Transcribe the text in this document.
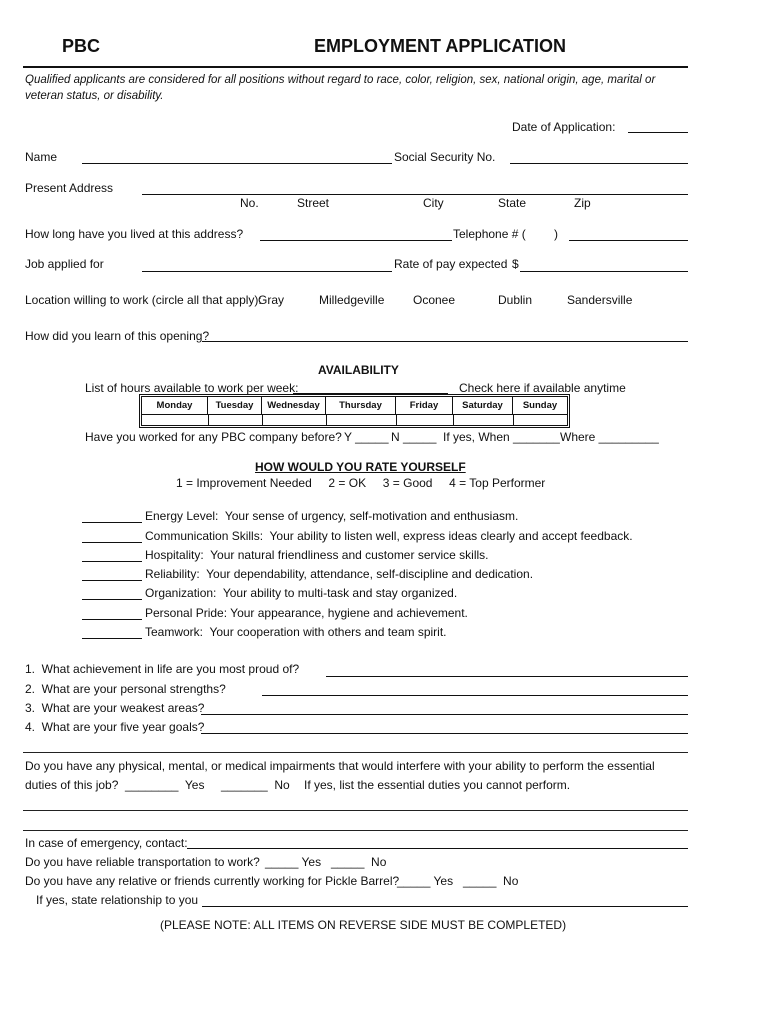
PBC	EMPLOYMENT APPLICATION
Qualified applicants are considered for all positions without regard to race, color, religion, sex, national origin, age, marital or veteran status, or disability.
Date of Application:
Name	Social Security No.
Present Address
No.	Street	City	State	Zip
How long have you lived at this address?	Telephone # ( )
Job applied for	Rate of pay expected $
Location willing to work (circle all that apply):
Gray	Milledgeville Oconee	Dublin	Sandersville
How did you learn of this opening?
AVAILABILITY
List of hours available to work per week:	Check here if available anytime
Monday	Tuesday	Wednesday	Thursday	Friday	Saturday	Sunday
Have you worked for any PBC company before? Y _____ N _____ If yes, When _______ Where _________
HOW WOULD YOU RATE YOURSELF
1 = Improvement Needed     2 = OK     3 = Good     4 = Top Performer
Energy Level:  Your sense of urgency, self-motivation and enthusiasm.
Communication Skills:  Your ability to listen well, express ideas clearly and accept feedback.
Hospitality:  Your natural friendliness and customer service skills.
Reliability:  Your dependability, attendance, self-discipline and dedication.
Organization:  Your ability to multi-task and stay organized.
Personal Pride: Your appearance, hygiene and achievement.
Teamwork:  Your cooperation with others and team spirit.
1.  What achievement in life are you most proud of?
2.  What are your personal strengths?
3.  What are your weakest areas?
4.  What are your five year goals?
Do you have any physical, mental, or medical impairments that would interfere with your ability to perform the essential
duties of this job?  ________  Yes _______  No If yes, list the essential duties you cannot perform.
In case of emergency, contact:
Do you have reliable transportation to work? _____ Yes _____  No
Do you have any relative or friends currently working for Pickle Barrel?
_____ Yes _____  No
If yes, state relationship to you
(PLEASE NOTE: ALL ITEMS ON REVERSE SIDE MUST BE COMPLETED)
